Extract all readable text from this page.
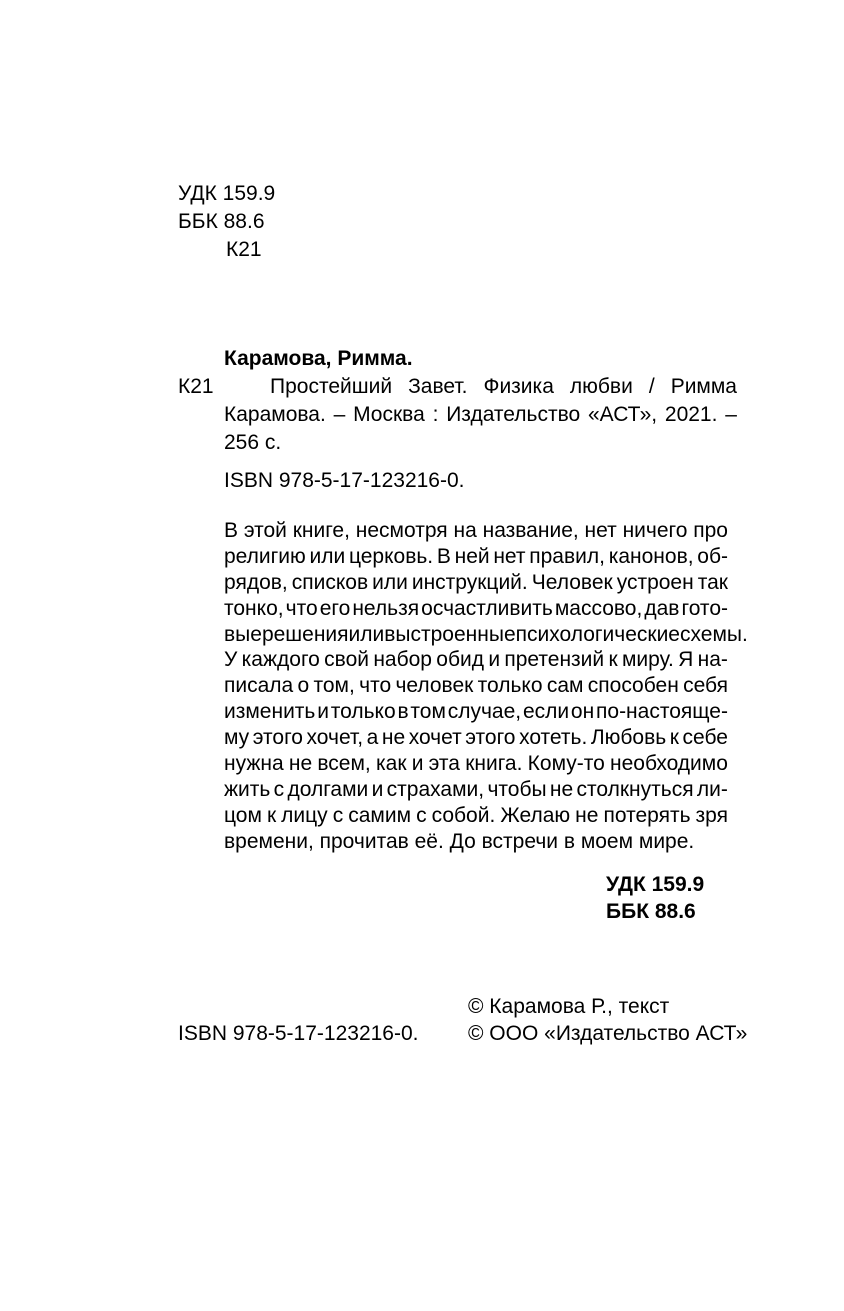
УДК 159.9
ББК 88.6
К21
Карамова, Римма.
К21	Простейший Завет. Физика любви / Римма
Карамова. – Москва : Издательство «АСТ», 2021. –
256 с.
ISBN 978-5-17-123216-0.
В этой книге, несмотря на название, нет ничего про
религию или церковь. В ней нет правил, канонов, об-
рядов, списков или инструкций. Человек устроен так
тонко, что его нельзя осчастливить массово, дав гото-
вые решения или выстроенные психологические схемы.
У каждого свой набор обид и претензий к миру. Я на-
писала о том, что человек только сам способен себя
изменить и только в том случае, если он по-настояще-
му этого хочет, а не хочет этого хотеть. Любовь к себе
нужна не всем, как и эта книга. Кому-то необходимо
жить с долгами и страхами, чтобы не столкнуться ли-
цом к лицу с самим с собой. Желаю не потерять зря
времени, прочитав её. До встречи в моем мире.
УДК 159.9
ББК 88.6
© Карамова Р., текст
ISBN 978-5-17-123216-0. © ООО «Издательство АСТ»
